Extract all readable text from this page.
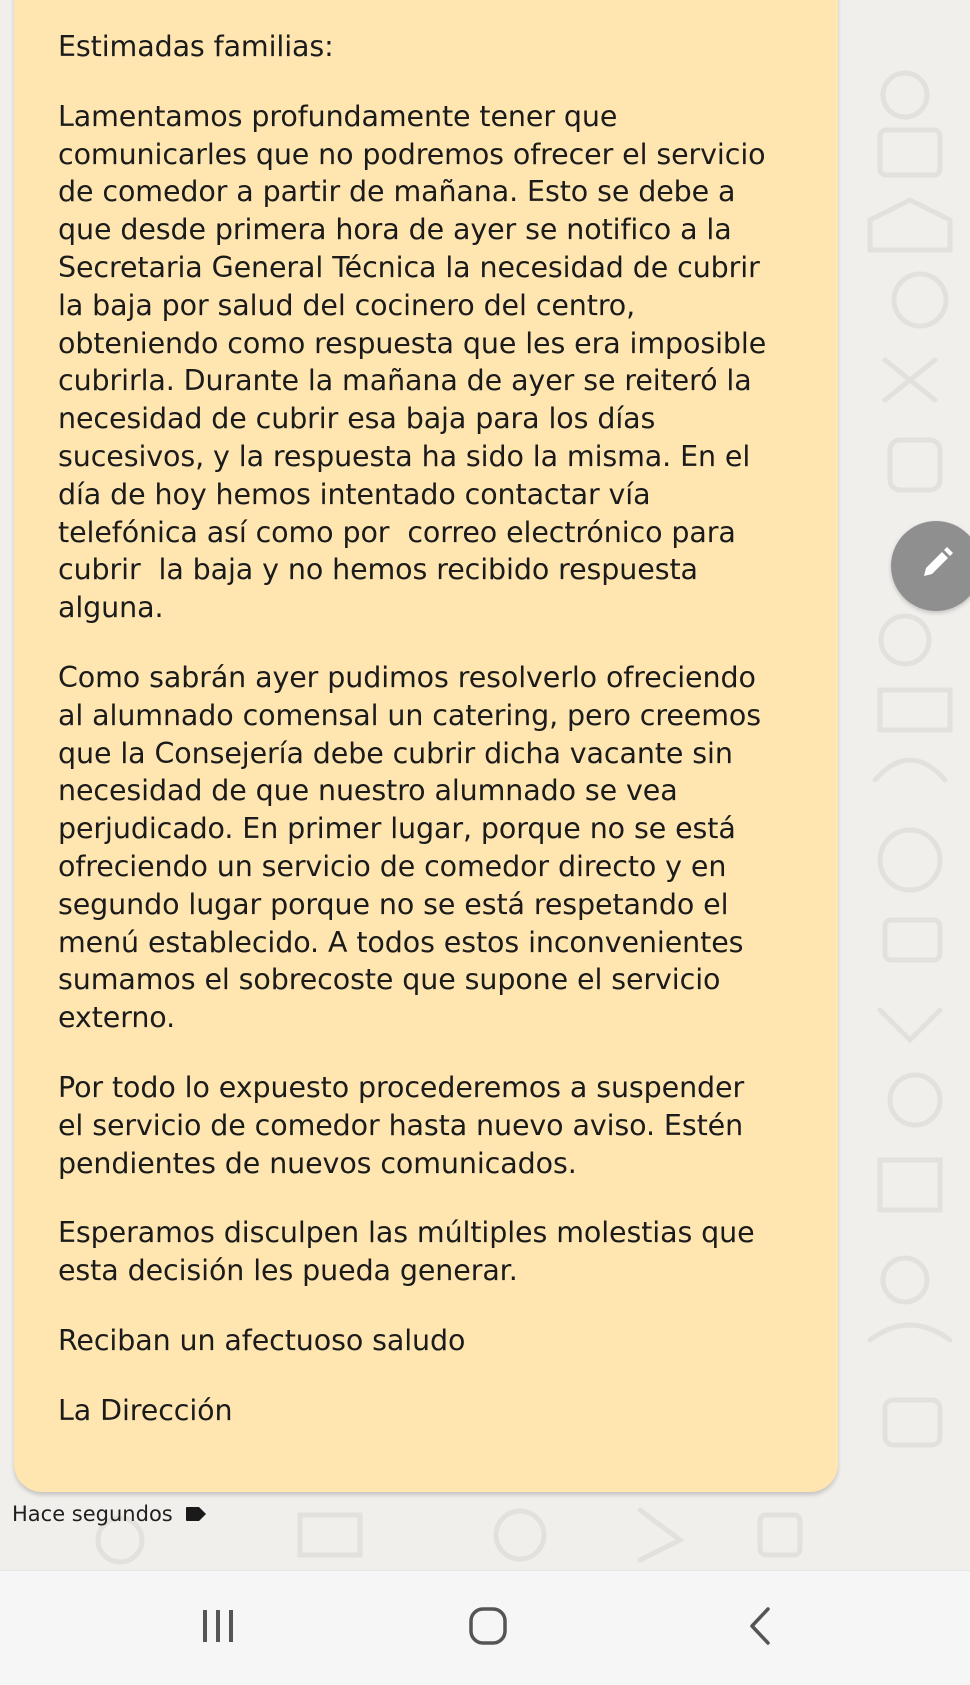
Estimadas familias:

Lamentamos profundamente tener que
comunicarles que no podremos ofrecer el servicio
de comedor a partir de mañana. Esto se debe a
que desde primera hora de ayer se notifico a la
Secretaria General Técnica la necesidad de cubrir
la baja por salud del cocinero del centro,
obteniendo como respuesta que les era imposible
cubrirla. Durante la mañana de ayer se reiteró la
necesidad de cubrir esa baja para los días
sucesivos, y la respuesta ha sido la misma. En el
día de hoy hemos intentado contactar vía
telefónica así como por  correo electrónico para
cubrir  la baja y no hemos recibido respuesta
alguna.

Como sabrán ayer pudimos resolverlo ofreciendo
al alumnado comensal un catering, pero creemos
que la Consejería debe cubrir dicha vacante sin
necesidad de que nuestro alumnado se vea
perjudicado. En primer lugar, porque no se está
ofreciendo un servicio de comedor directo y en
segundo lugar porque no se está respetando el
menú establecido. A todos estos inconvenientes
sumamos el sobrecoste que supone el servicio
externo.

Por todo lo expuesto procederemos a suspender
el servicio de comedor hasta nuevo aviso. Estén
pendientes de nuevos comunicados.

Esperamos disculpen las múltiples molestias que
esta decisión les pueda generar.

Reciban un afectuoso saludo

La Dirección

Hace segundos
